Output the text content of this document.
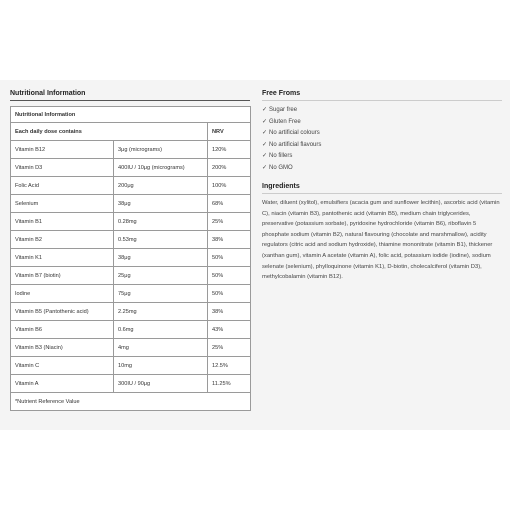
Nutritional Information
Nutritional Information		
Each daily dose contains		NRV
Vitamin B12	3μg (micrograms)	120%
Vitamin D3	400IU / 10μg (micrograms)	200%
Folic Acid	200μg	100%
Selenium	38μg	68%
Vitamin B1	0.28mg	25%
Vitamin B2	0.53mg	38%
Vitamin K1	38μg	50%
Vitamin B7 (biotin)	25μg	50%
Iodine	75μg	50%
Vitamin B5 (Pantothenic acid)	2.25mg	38%
Vitamin B6	0.6mg	43%
Vitamin B3 (Niacin)	4mg	25%
Vitamin C	10mg	12.5%
Vitamin A	300IU / 90μg	11.25%
*Nutrient Reference Value		
Free Froms
✓ Sugar free
✓ Gluten Free
✓ No artificial colours
✓ No artificial flavours
✓ No fillers
✓ No GMO
Ingredients

Water, diluent (xylitol), emulsifiers (acacia gum and sunflower lecithin), ascorbic acid (vitamin C), niacin (vitamin B3), pantothenic acid (vitamin B5), medium chain triglycerides, preservative (potassium sorbate), pyridoxine hydrochloride (vitamin B6), riboflavin 5 phosphate sodium (vitamin B2), natural flavouring (chocolate and marshmallow), acidity regulators (citric acid and sodium hydroxide), thiamine mononitrate (vitamin B1), thickener (xanthan gum), vitamin A acetate (vitamin A), folic acid, potassium iodide (iodine), sodium selenate (selenium), phylloquinone (vitamin K1), D-biotin, cholecalciferol (vitamin D3), methylcobalamin (vitamin B12).
